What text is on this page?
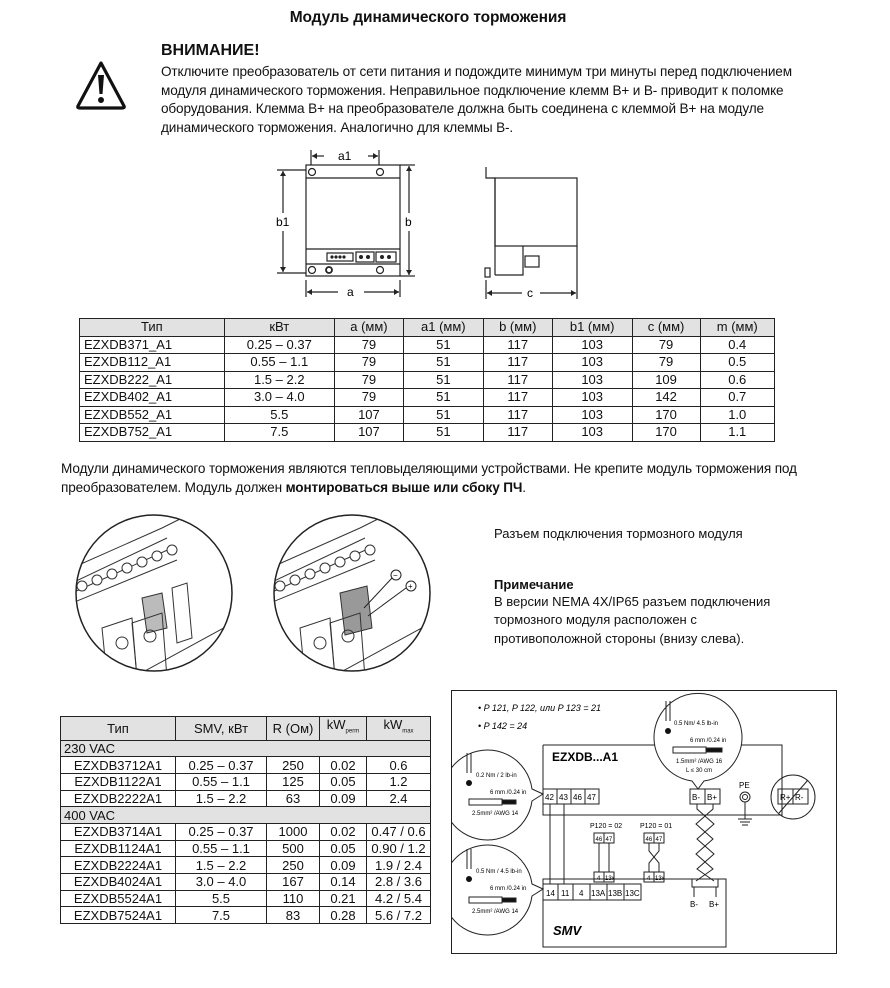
Модуль динамического торможения
ВНИМАНИЕ!
Отключите преобразователь от сети питания и подождите минимум три минуты перед подключением модуля динамического торможения. Неправильное подключение клемм B+ и B- приводит к поломке оборудования. Клемма B+ на преобразователе должна быть соединена с клеммой B+ на модуле динамического торможения. Аналогично для клеммы B-.
a1
b1	b
a	c
Тип	кВт	a (мм)	a1 (мм)	b (мм)	b1 (мм)	c (мм)	m (мм)
EZXDB371_A1	0.25 – 0.37	79	51	117	103	79	0.4
EZXDB112_A1	0.55 – 1.1	79	51	117	103	79	0.5
EZXDB222_A1	1.5 – 2.2	79	51	117	103	109	0.6
EZXDB402_A1	3.0 – 4.0	79	51	117	103	142	0.7
EZXDB552_A1	5.5	107	51	117	103	170	1.0
EZXDB752_A1	7.5	107	51	117	103	170	1.1
Модули динамического торможения являются тепловыделяющими устройствами. Не крепите модуль торможения под преобразователем. Модуль должен монтироваться выше или сбоку ПЧ.
−
+
Разъем подключения тормозного модуля
Примечание
В версии NEMA 4X/IP65 разъем подключения тормозного модуля расположен с противоположной стороны (внизу слева).
Тип	SMV, кВт	R (Ом)	$kW_{perm}$	$kW_{max}$
230 VAC				
EZXDB3712A1	0.25 – 0.37	250	0.02	0.6
EZXDB1122A1	0.55 – 1.1	125	0.05	1.2
EZXDB2222A1	1.5 – 2.2	63	0.09	2.4
400 VAC				
EZXDB3714A1	0.25 – 0.37	1000	0.02	0.47 / 0.6
EZXDB1124A1	0.55 – 1.1	500	0.05	0.90 / 1.2
EZXDB2224A1	1.5 – 2.2	250	0.09	1.9 / 2.4
EZXDB4024A1	3.0 – 4.0	167	0.14	2.8 / 3.6
EZXDB5524A1	5.5	110	0.21	4.2 / 5.4
EZXDB7524A1	7.5	83	0.28	5.6 / 7.2
• P 121, P 122, или P 123 = 21
• P 142 = 24
EZXDB...A1
SMV
42 43 46 47	B- B+
PE
R+ R-
14 11 4 13A 13B 13C
B- B+
P120 = 02
46 47
4 13x
P120 = 01
46 47
4 13x
0.2 Nm / 2 lb-in
6 mm /0.24 in
2.5mm² /AWG 14
0.5 Nm / 4.5 lb-in
6 mm /0.24 in
2.5mm² /AWG 14
0.5 Nm/ 4.5 lb-in
6 mm /0.24 in
1.5mm² /AWG 16
L ≤ 30 cm
